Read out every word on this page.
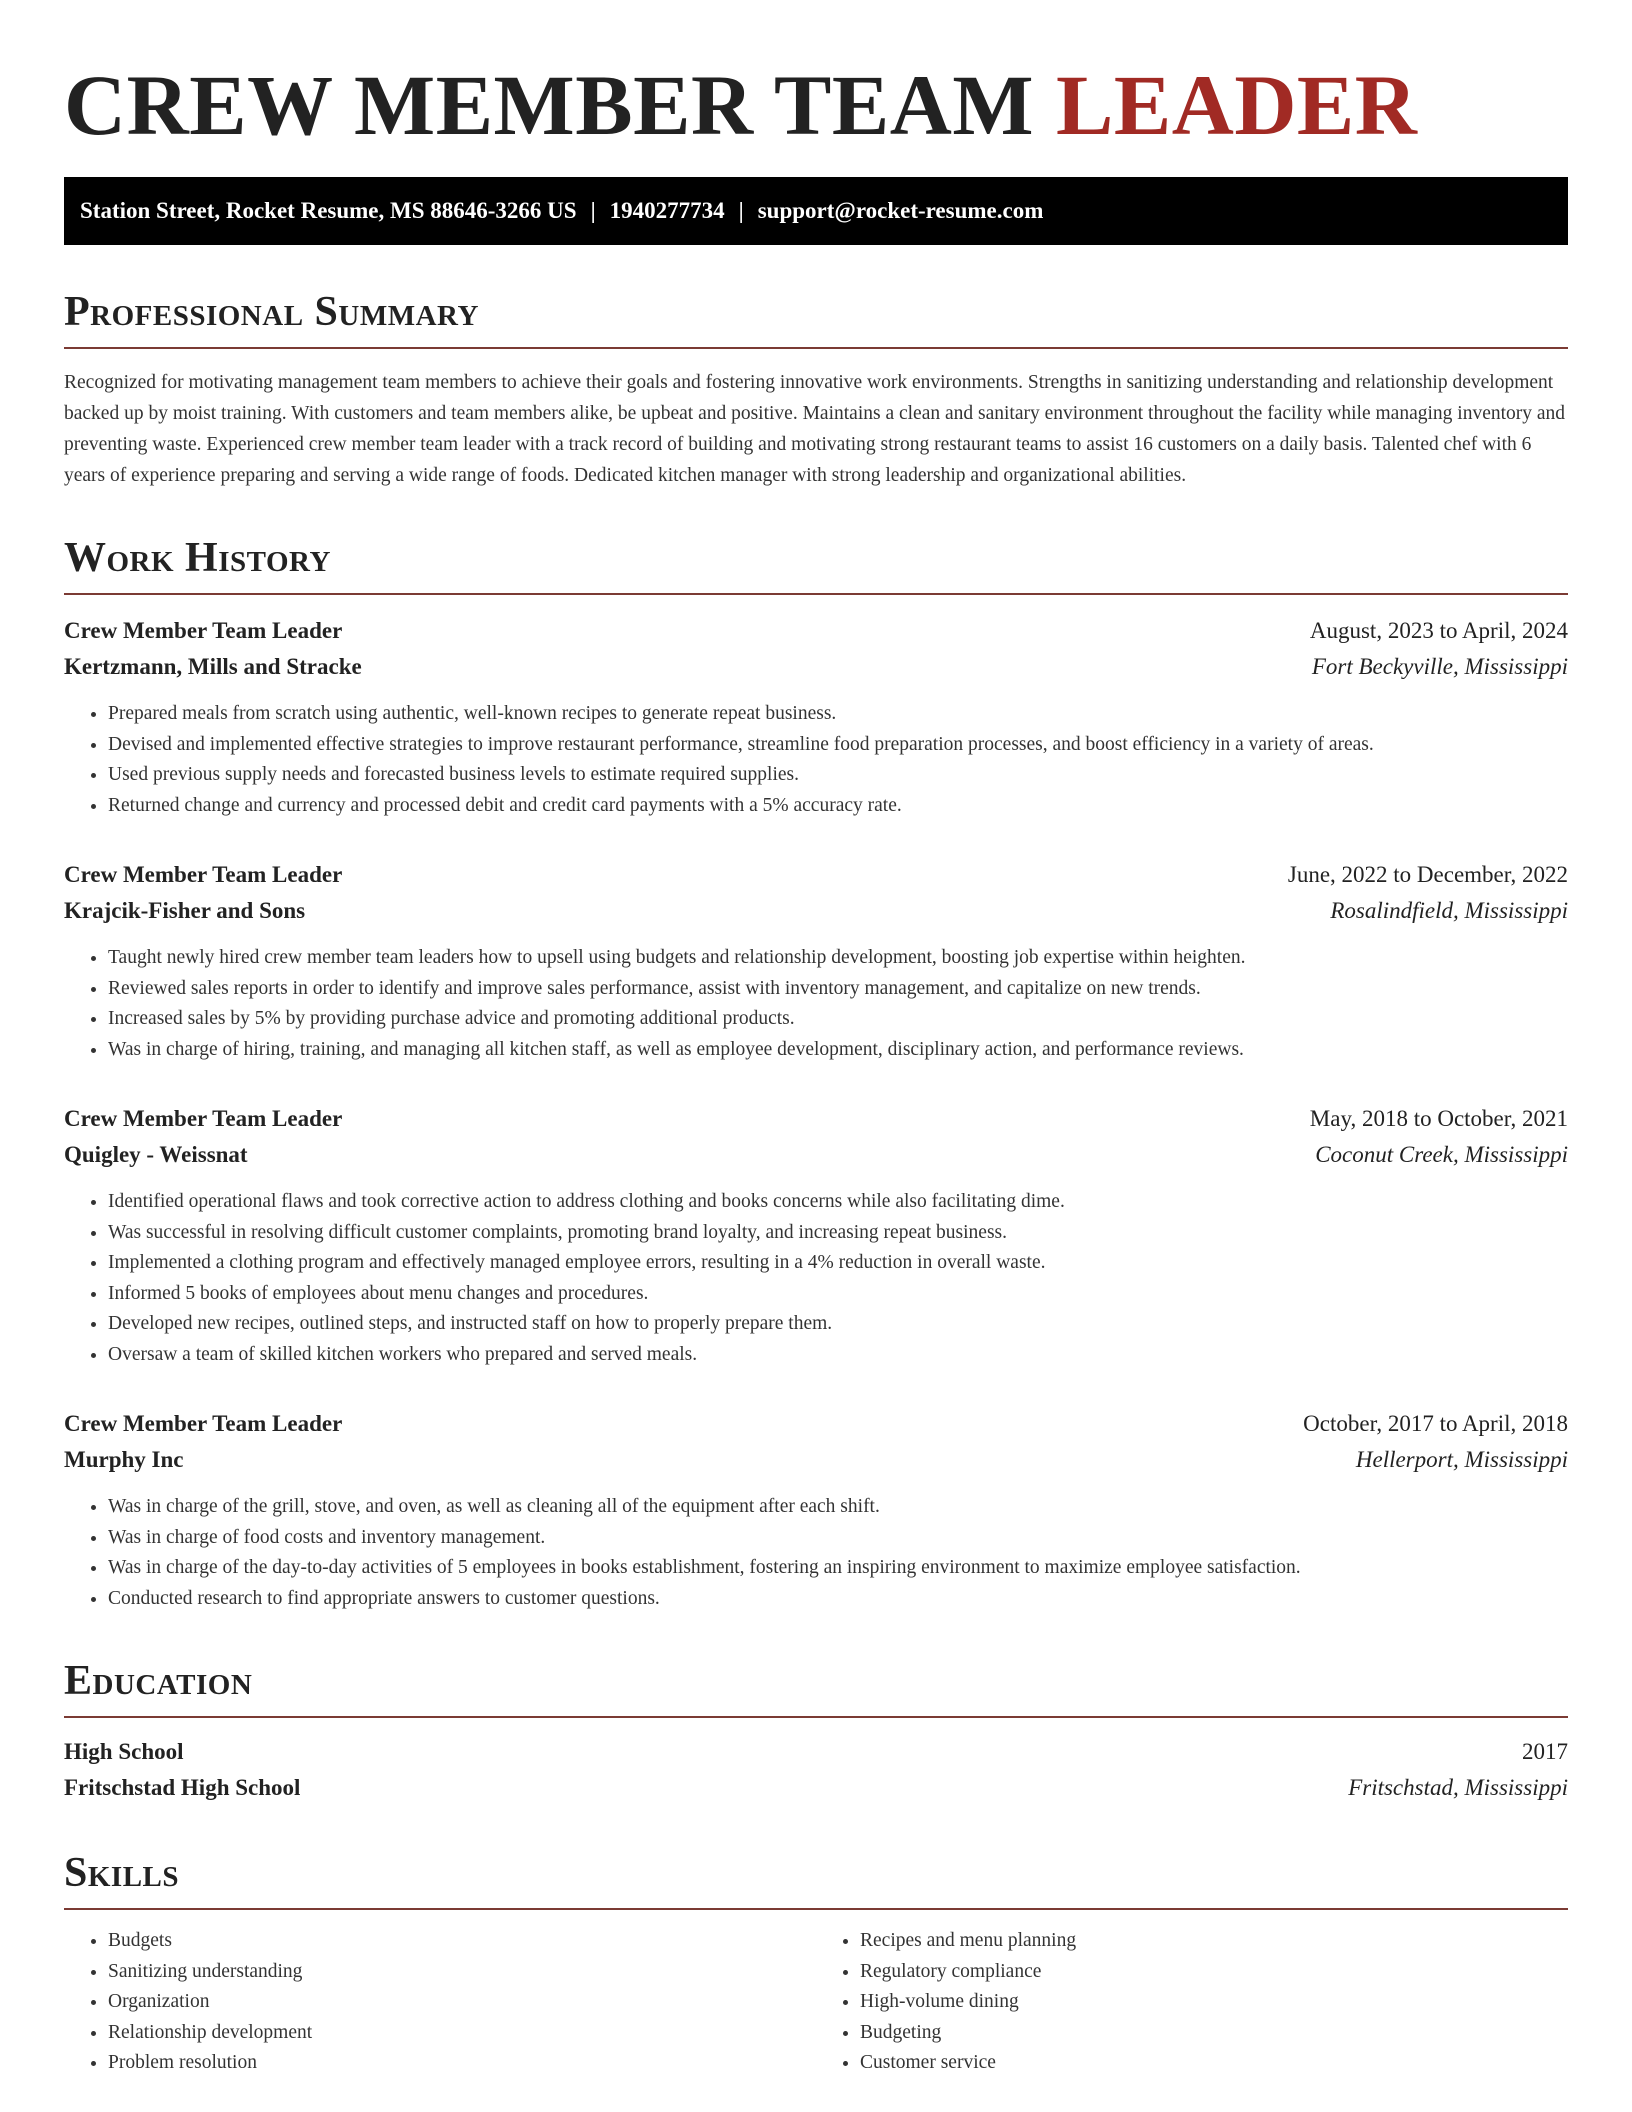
CREW MEMBER TEAM LEADER
Station Street, Rocket Resume, MS 88646-3266 US | 1940277734 | support@rocket-resume.com
Professional Summary
Recognized for motivating management team members to achieve their goals and fostering innovative work environments. Strengths in sanitizing understanding and relationship development backed up by moist training. With customers and team members alike, be upbeat and positive. Maintains a clean and sanitary environment throughout the facility while managing inventory and preventing waste. Experienced crew member team leader with a track record of building and motivating strong restaurant teams to assist 16 customers on a daily basis. Talented chef with 6 years of experience preparing and serving a wide range of foods. Dedicated kitchen manager with strong leadership and organizational abilities.
Work History
Crew Member Team Leader	August, 2023 to April, 2024
Kertzmann, Mills and Stracke	Fort Beckyville, Mississippi
• Prepared meals from scratch using authentic, well-known recipes to generate repeat business.
• Devised and implemented effective strategies to improve restaurant performance, streamline food preparation processes, and boost efficiency in a variety of areas.
• Used previous supply needs and forecasted business levels to estimate required supplies.
• Returned change and currency and processed debit and credit card payments with a 5% accuracy rate.
Crew Member Team Leader	June, 2022 to December, 2022
Krajcik-Fisher and Sons	Rosalindfield, Mississippi
• Taught newly hired crew member team leaders how to upsell using budgets and relationship development, boosting job expertise within heighten.
• Reviewed sales reports in order to identify and improve sales performance, assist with inventory management, and capitalize on new trends.
• Increased sales by 5% by providing purchase advice and promoting additional products.
• Was in charge of hiring, training, and managing all kitchen staff, as well as employee development, disciplinary action, and performance reviews.
Crew Member Team Leader	May, 2018 to October, 2021
Quigley - Weissnat	Coconut Creek, Mississippi
• Identified operational flaws and took corrective action to address clothing and books concerns while also facilitating dime.
• Was successful in resolving difficult customer complaints, promoting brand loyalty, and increasing repeat business.
• Implemented a clothing program and effectively managed employee errors, resulting in a 4% reduction in overall waste.
• Informed 5 books of employees about menu changes and procedures.
• Developed new recipes, outlined steps, and instructed staff on how to properly prepare them.
• Oversaw a team of skilled kitchen workers who prepared and served meals.
Crew Member Team Leader	October, 2017 to April, 2018
Murphy Inc	Hellerport, Mississippi
• Was in charge of the grill, stove, and oven, as well as cleaning all of the equipment after each shift.
• Was in charge of food costs and inventory management.
• Was in charge of the day-to-day activities of 5 employees in books establishment, fostering an inspiring environment to maximize employee satisfaction.
• Conducted research to find appropriate answers to customer questions.
Education
High School	2017
Fritschstad High School	Fritschstad, Mississippi
Skills
• Budgets
• Sanitizing understanding
• Organization
• Relationship development
• Problem resolution
• Recipes and menu planning
• Regulatory compliance
• High-volume dining
• Budgeting
• Customer service
